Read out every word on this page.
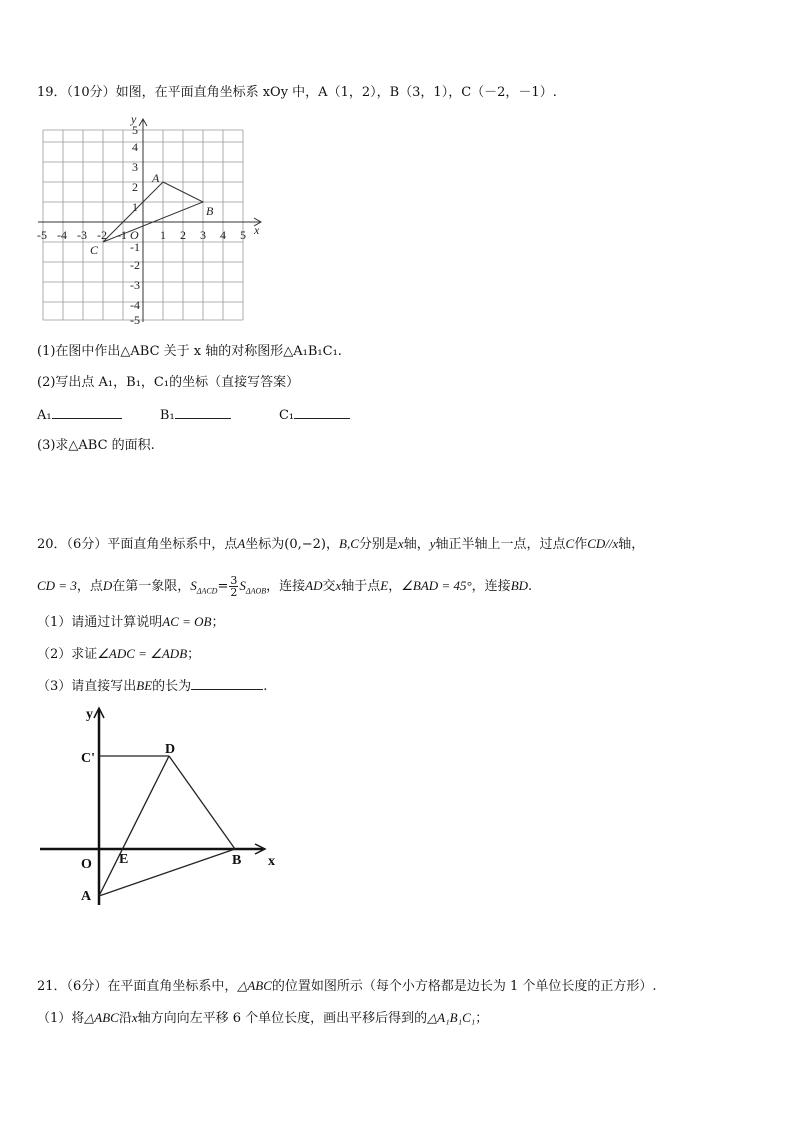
19．（10分）如图，在平面直角坐标系 xOy 中，A（1，2），B（3，1），C（－2，－1）.
-5 -4 -3 -2 -1 O 1 2 3 4 5
1
2
3
4
5
-1
-2
-3
-4
-5
x
y
A
B
C
(1)在图中作出△ABC 关于 x 轴的对称图形△A₁B₁C₁.
(2)写出点 A₁，B₁，C₁的坐标（直接写答案）
A₁	B₁	C₁
(3)求△ABC 的面积.
20．（6分）平面直角坐标系中，点A坐标为(0,−2)，B,C分别是x轴，y轴正半轴上一点，过点C作CD//x轴，
CD = 3，点D在第一象限，$S_{\Delta ACD}= \frac{3}{2} S_{\Delta AOB}$，连接AD交x轴于点E，∠BAD = 45°，连接BD.
（1）请通过计算说明AC = OB；
（2）求证∠ADC = ∠ADB；
（3）请直接写出BE的长为	.
y
x
C'
D
O E	B
A
21．（6分）在平面直角坐标系中，△ABC的位置如图所示（每个小方格都是边长为 1 个单位长度的正方形）.
（1）将△ABC沿x轴方向向左平移 6 个单位长度，画出平移后得到的△A₁B₁C₁；
